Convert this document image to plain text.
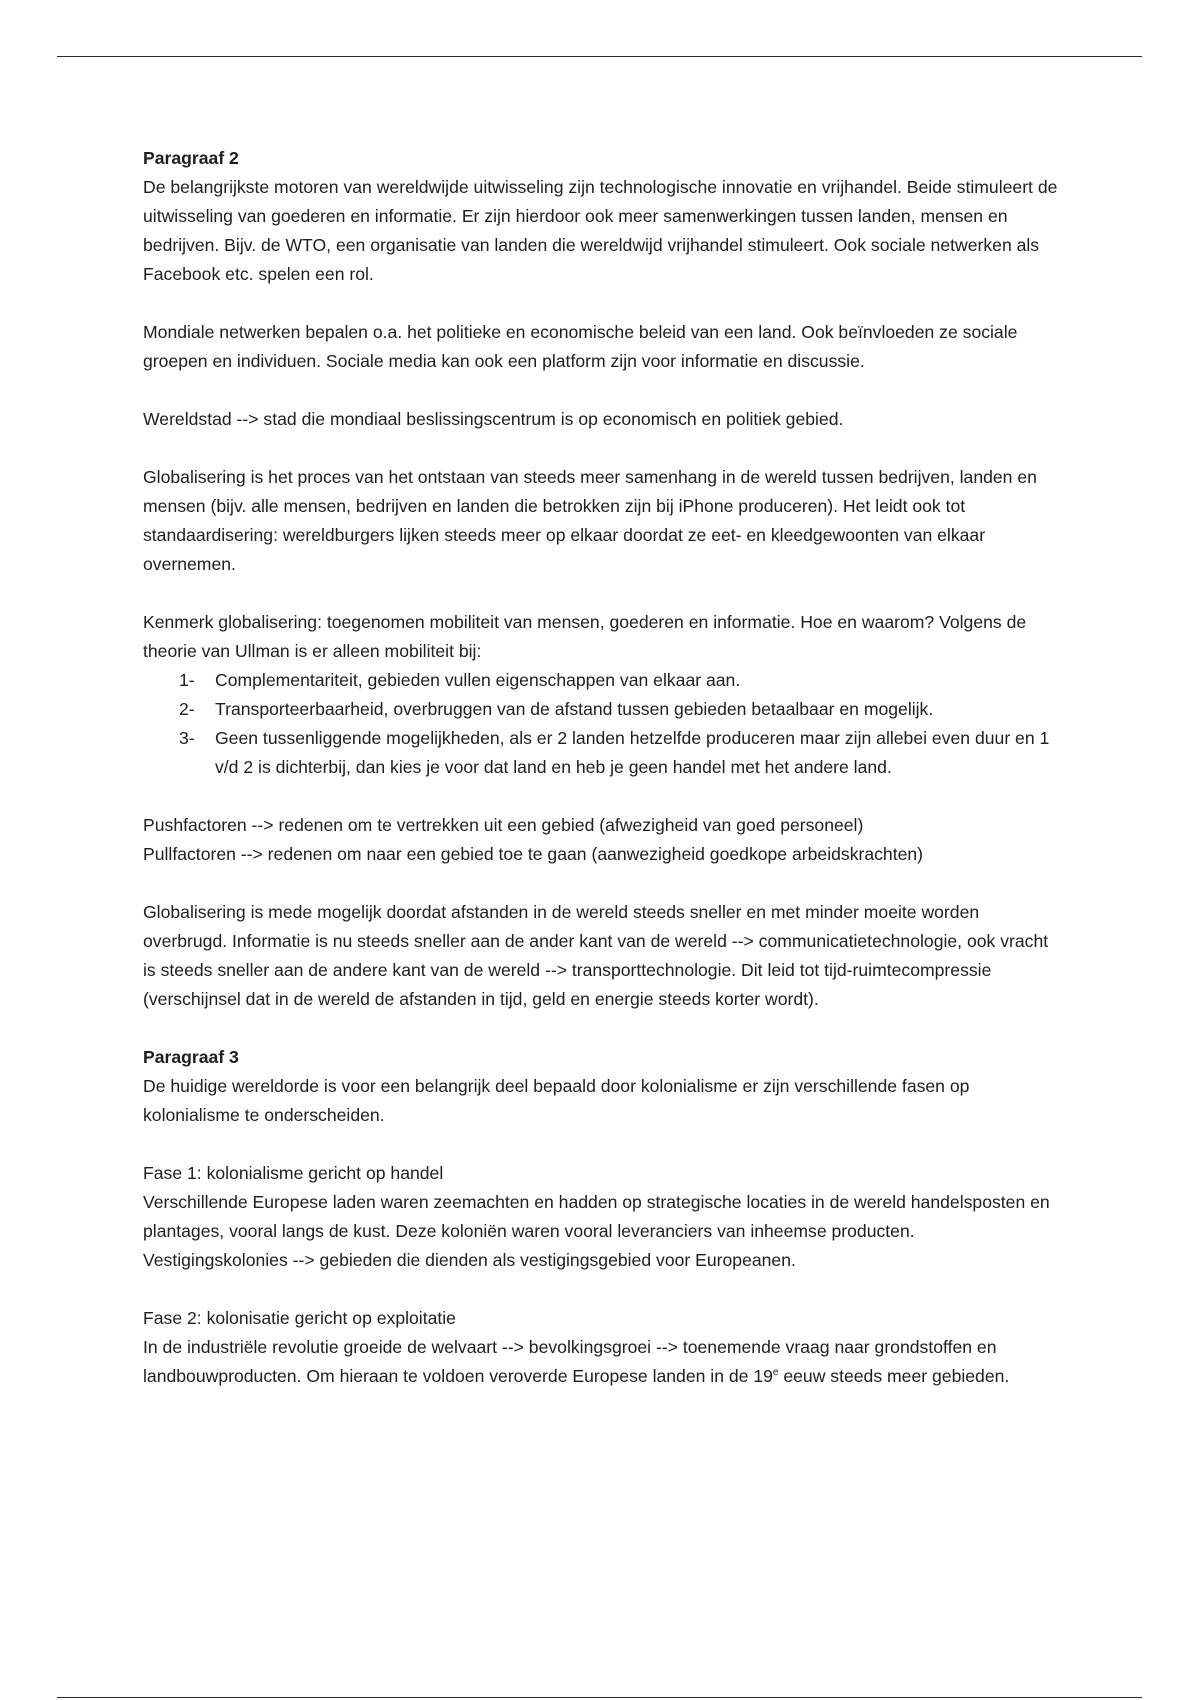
Paragraaf 2

De belangrijkste motoren van wereldwijde uitwisseling zijn technologische innovatie en vrijhandel. Beide stimuleert de uitwisseling van goederen en informatie. Er zijn hierdoor ook meer samenwerkingen tussen landen, mensen en bedrijven. Bijv. de WTO, een organisatie van landen die wereldwijd vrijhandel stimuleert. Ook sociale netwerken als Facebook etc. spelen een rol.

Mondiale netwerken bepalen o.a. het politieke en economische beleid van een land. Ook beïnvloeden ze sociale groepen en individuen. Sociale media kan ook een platform zijn voor informatie en discussie.

Wereldstad --> stad die mondiaal beslissingscentrum is op economisch en politiek gebied.

Globalisering is het proces van het ontstaan van steeds meer samenhang in de wereld tussen bedrijven, landen en mensen (bijv. alle mensen, bedrijven en landen die betrokken zijn bij iPhone produceren). Het leidt ook tot standaardisering: wereldburgers lijken steeds meer op elkaar doordat ze eet- en kleedgewoonten van elkaar overnemen.

Kenmerk globalisering: toegenomen mobiliteit van mensen, goederen en informatie. Hoe en waarom? Volgens de theorie van Ullman is er alleen mobiliteit bij:

1- Complementariteit, gebieden vullen eigenschappen van elkaar aan.
2- Transporteerbaarheid, overbruggen van de afstand tussen gebieden betaalbaar en mogelijk.
3- Geen tussenliggende mogelijkheden, als er 2 landen hetzelfde produceren maar zijn allebei even duur en 1 v/d 2 is dichterbij, dan kies je voor dat land en heb je geen handel met het andere land.

Pushfactoren --> redenen om te vertrekken uit een gebied (afwezigheid van goed personeel)

Pullfactoren --> redenen om naar een gebied toe te gaan (aanwezigheid goedkope arbeidskrachten)

Globalisering is mede mogelijk doordat afstanden in de wereld steeds sneller en met minder moeite worden overbrugd. Informatie is nu steeds sneller aan de ander kant van de wereld --> communicatietechnologie, ook vracht is steeds sneller aan de andere kant van de wereld --> transporttechnologie. Dit leid tot tijd-ruimtecompressie (verschijnsel dat in de wereld de afstanden in tijd, geld en energie steeds korter wordt).

Paragraaf 3

De huidige wereldorde is voor een belangrijk deel bepaald door kolonialisme er zijn verschillende fasen op kolonialisme te onderscheiden.

Fase 1: kolonialisme gericht op handel

Verschillende Europese laden waren zeemachten en hadden op strategische locaties in de wereld handelsposten en plantages, vooral langs de kust. Deze koloniën waren vooral leveranciers van inheemse producten.

Vestigingskolonies --> gebieden die dienden als vestigingsgebied voor Europeanen.

Fase 2: kolonisatie gericht op exploitatie

In de industriële revolutie groeide de welvaart --> bevolkingsgroei --> toenemende vraag naar grondstoffen en landbouwproducten. Om hieraan te voldoen veroverde Europese landen in de 19e eeuw steeds meer gebieden.
